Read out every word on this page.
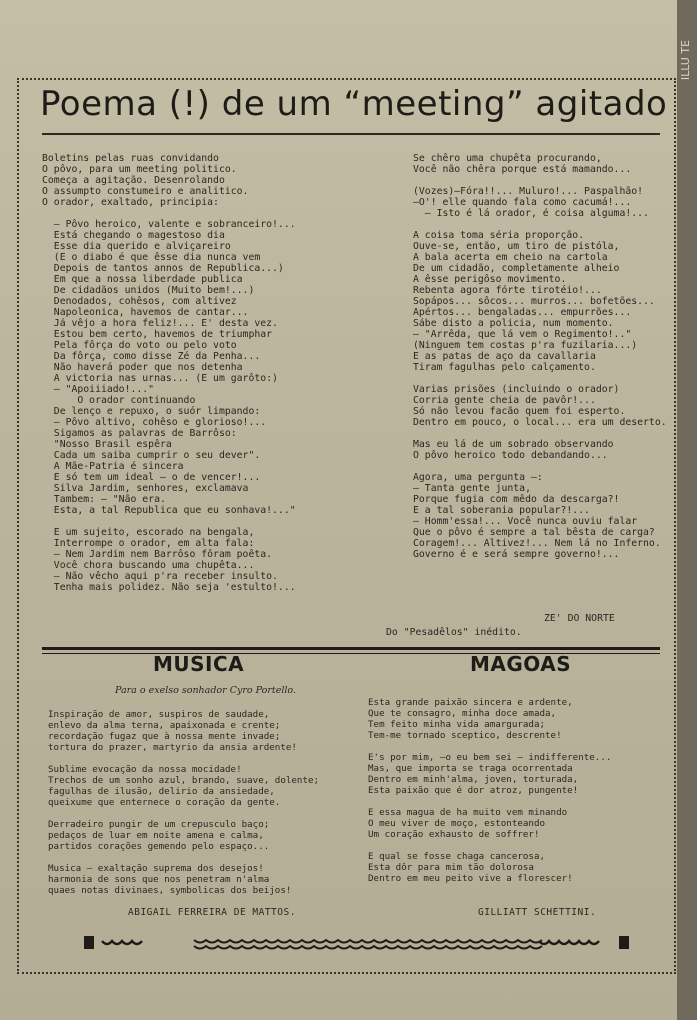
ILLU TE
Poema (!) de um “meeting” agitado
Boletins pelas ruas convidando
O pôvo, para um meeting politico.
Começa a agitação. Desenrolando
O assumpto constumeiro e analitico.
O orador, exaltado, principia:

— Pôvo heroico, valente e sobranceiro!...
Está chegando o magestoso dia
Esse dia querido e alviçareiro
(E o diabo é que êsse dia nunca vem
Depois de tantos annos de Republica...)
Em que a nossa liberdade publica
De cidadãos unidos (Muito bem!...)
Denodados, cohêsos, com altivez
Napoleonica, havemos de cantar...
Já vêjo a hora feliz!... E' desta vez.
Estou bem certo, havemos de triumphar
Pela fôrça do voto ou pelo voto
Da fôrça, como disse Zé da Penha...
Não haverá poder que nos detenha
A victoria nas urnas... (E um garôto:)
— "Apoiiiado!..."
O orador continuando
De lenço e repuxo, o suór limpando:
— Pôvo altivo, cohêso e glorioso!...
Sigamos as palavras de Barrôso:
"Nosso Brasil espêra
Cada um saiba cumprir o seu dever".
A Mãe-Patria é sincera
E só tem um ideal — o de vencer!...
Silva Jardim, senhores, exclamava
Tambem: — "Não era.
Esta, a tal Republica que eu sonhava!..."

E um sujeito, escorado na bengala,
Interrompe o orador, em alta fala:
— Nem Jardim nem Barrôso fôram poêta.
Você chora buscando uma chupêta...
— Não vêcho aqui p'ra receber insulto.
Tenha mais polidez. Não seja 'estulto!...
Se chêro uma chupêta procurando,
Você não chêra porque está mamando...

(Vozes)—Fóra!!... Muluro!... Paspalhão!
—O'! elle quando fala como cacumá!...
— Isto é lá orador, é coisa alguma!...

A coisa toma séria proporção.
Ouve-se, então, um tiro de pistóla,
A bala acerta em cheio na cartola
De um cidadão, completamente alheio
A êsse perigôso movimento.
Rebenta agora fórte tirotéio!...
Sopápos... sôcos... murros... bofetões...
Apértos... bengaladas... empurrões...
Sábe disto a policia, num momento.
— "Arrêda, que lá vem o Regimento!.."
(Ninguem tem costas p'ra fuzilaria...)
E as patas de aço da cavallaria
Tiram fagulhas pelo calçamento.

Varias prisões (incluindo o orador)
Corria gente cheia de pavôr!...
Só não levou facão quem foi esperto.
Dentro em pouco, o local... era um deserto.

Mas eu lá de um sobrado observando
O pôvo heroico todo debandando...

Agora, uma pergunta —:
— Tanta gente junta,
Porque fugia com mêdo da descarga?!
E a tal soberania popular?!...
— Homm'essa!... Você nunca ouviu falar
Que o pôvo é sempre a tal bêsta de carga?
Coragem!... Altivez!... Nem lá no Inferno.
Governo é e será sempre governo!...
ZE' DO NORTE
Do "Pesadêlos" inédito.
MUSICA
Para o exelso sonhador Cyro Portello.
Inspiração de amor, suspiros de saudade,
enlevo da alma terna, apaixonada e crente;
recordação fugaz que à nossa mente invade;
tortura do prazer, martyrio da ansia ardente!
Sublime evocação da nossa mocidade!
Trechos de um sonho azul, brando, suave, dolente;
fagulhas de ilusão, delirio da ansiedade,
queixume que enternece o coração da gente.
Derradeiro pungir de um crepusculo baço;
pedaços de luar em noite amena e calma,
partidos corações gemendo pelo espaço...
Musica — exaltação suprema dos desejos!
harmonia de sons que nos penetram n'alma
quaes notas divinaes, symbolicas dos beijos!
ABIGAIL FERREIRA DE MATTOS.
MAGOAS
Esta grande paixão sincera e ardente,
Que te consagro, minha doce amada,
Tem feito minha vida amargurada;
Tem-me tornado sceptico, descrente!
E's por mim, —o eu bem sei — indifferente...
Mas, que importa se traga ocorrentada
Dentro em minh'alma, joven, torturada,
Esta paixão que é dor atroz, pungente!
E essa magua de ha muito vem minando
O meu viver de moço, estonteando
Um coração exhausto de soffrer!
E qual se fosse chaga cancerosa,
Esta dôr para mim tão dolorosa
Dentro em meu peito vive a florescer!
GILLIATT SCHETTINI.
